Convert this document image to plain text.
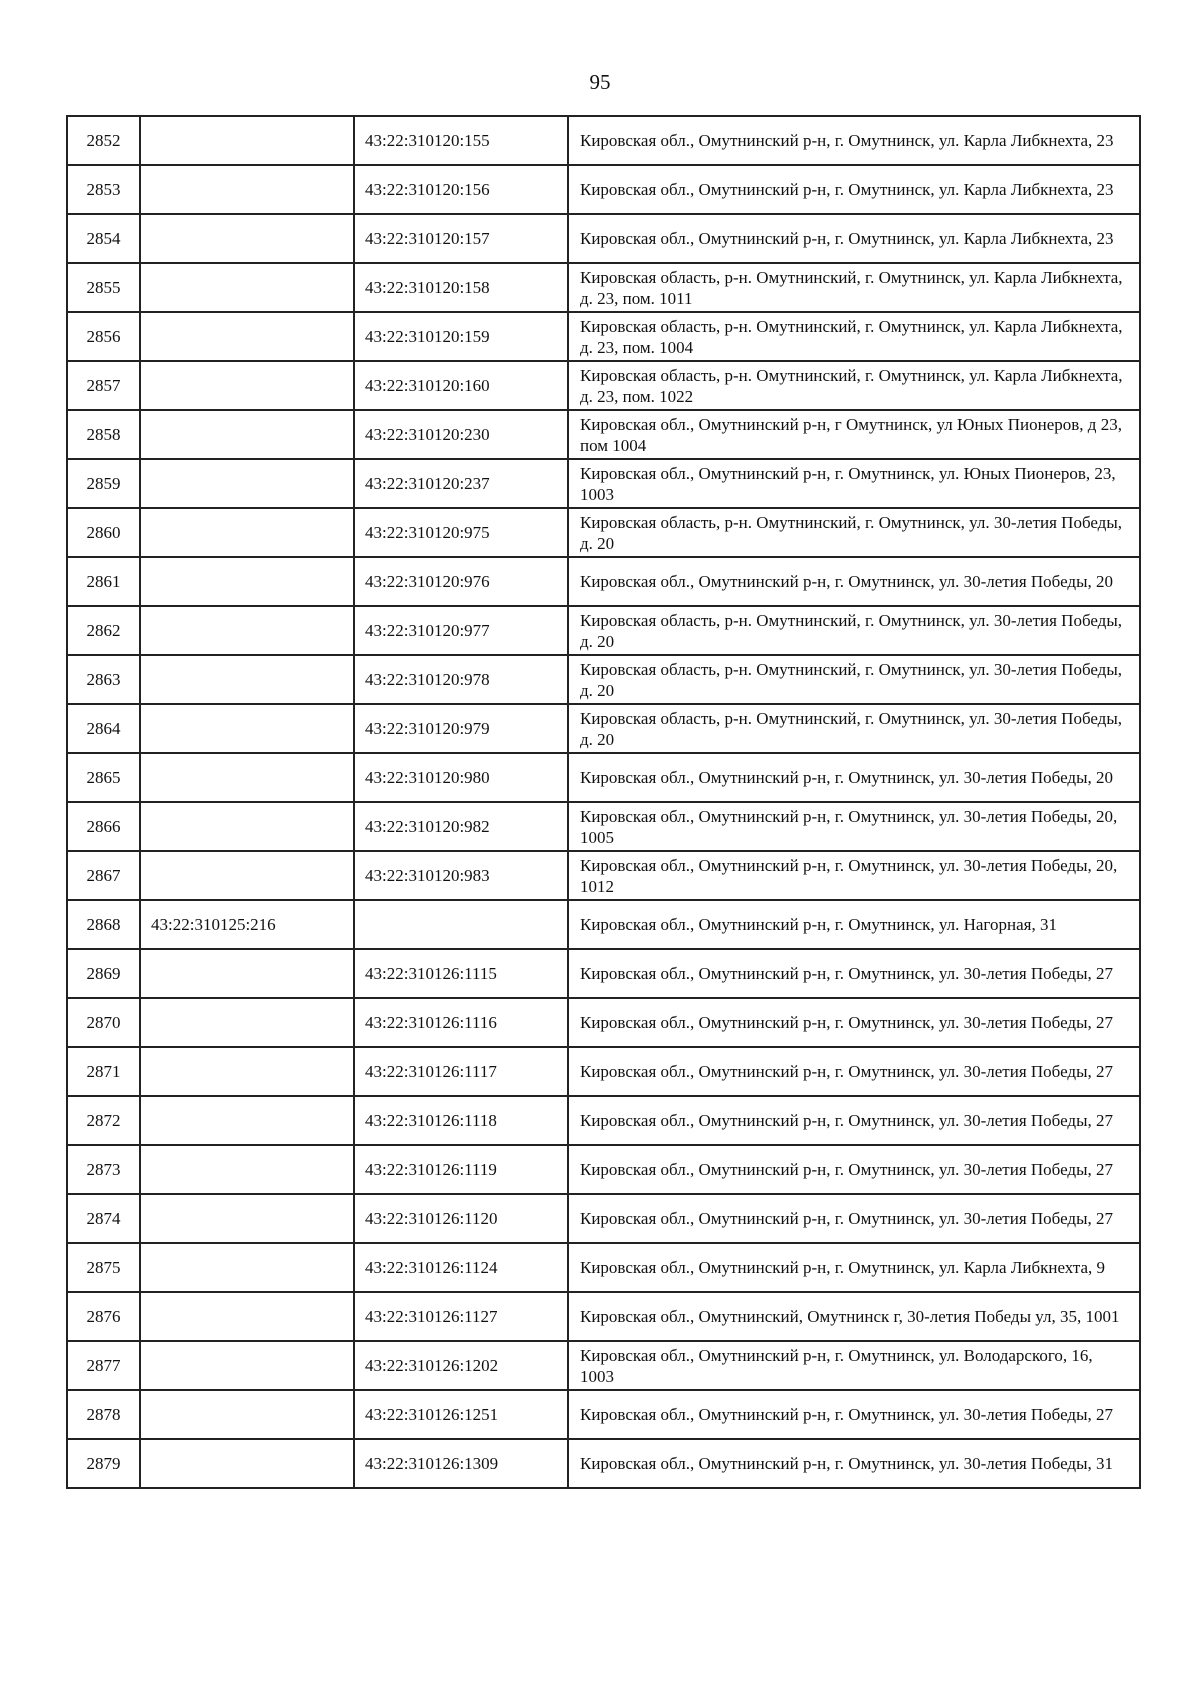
95
2852		43:22:310120:155	Кировская обл., Омутнинский р-н, г. Омутнинск, ул. Карла Либкнехта, 23
2853		43:22:310120:156	Кировская обл., Омутнинский р-н, г. Омутнинск, ул. Карла Либкнехта, 23
2854		43:22:310120:157	Кировская обл., Омутнинский р-н, г. Омутнинск, ул. Карла Либкнехта, 23
2855		43:22:310120:158	Кировская область, р-н. Омутнинский, г. Омутнинск, ул. Карла Либкнехта, д. 23, пом. 1011
2856		43:22:310120:159	Кировская область, р-н. Омутнинский, г. Омутнинск, ул. Карла Либкнехта, д. 23, пом. 1004
2857		43:22:310120:160	Кировская область, р-н. Омутнинский, г. Омутнинск, ул. Карла Либкнехта, д. 23, пом. 1022
2858		43:22:310120:230	Кировская обл., Омутнинский р-н, г Омутнинск, ул Юных Пионеров, д 23, пом 1004
2859		43:22:310120:237	Кировская обл., Омутнинский р-н, г. Омутнинск, ул. Юных Пионеров, 23, 1003
2860		43:22:310120:975	Кировская область, р-н. Омутнинский, г. Омутнинск, ул. 30-летия Победы, д. 20
2861		43:22:310120:976	Кировская обл., Омутнинский р-н, г. Омутнинск, ул. 30-летия Победы, 20
2862		43:22:310120:977	Кировская область, р-н. Омутнинский, г. Омутнинск, ул. 30-летия Победы, д. 20
2863		43:22:310120:978	Кировская область, р-н. Омутнинский, г. Омутнинск, ул. 30-летия Победы, д. 20
2864		43:22:310120:979	Кировская область, р-н. Омутнинский, г. Омутнинск, ул. 30-летия Победы, д. 20
2865		43:22:310120:980	Кировская обл., Омутнинский р-н, г. Омутнинск, ул. 30-летия Победы, 20
2866		43:22:310120:982	Кировская обл., Омутнинский р-н, г. Омутнинск, ул. 30-летия Победы, 20, 1005
2867		43:22:310120:983	Кировская обл., Омутнинский р-н, г. Омутнинск, ул. 30-летия Победы, 20, 1012
2868	43:22:310125:216		Кировская обл., Омутнинский р-н, г. Омутнинск, ул. Нагорная, 31
2869		43:22:310126:1115	Кировская обл., Омутнинский р-н, г. Омутнинск, ул. 30-летия Победы, 27
2870		43:22:310126:1116	Кировская обл., Омутнинский р-н, г. Омутнинск, ул. 30-летия Победы, 27
2871		43:22:310126:1117	Кировская обл., Омутнинский р-н, г. Омутнинск, ул. 30-летия Победы, 27
2872		43:22:310126:1118	Кировская обл., Омутнинский р-н, г. Омутнинск, ул. 30-летия Победы, 27
2873		43:22:310126:1119	Кировская обл., Омутнинский р-н, г. Омутнинск, ул. 30-летия Победы, 27
2874		43:22:310126:1120	Кировская обл., Омутнинский р-н, г. Омутнинск, ул. 30-летия Победы, 27
2875		43:22:310126:1124	Кировская обл., Омутнинский р-н, г. Омутнинск, ул. Карла Либкнехта, 9
2876		43:22:310126:1127	Кировская обл., Омутнинский, Омутнинск г, 30-летия Победы ул, 35, 1001
2877		43:22:310126:1202	Кировская обл., Омутнинский р-н, г. Омутнинск, ул. Володарского, 16, 1003
2878		43:22:310126:1251	Кировская обл., Омутнинский р-н, г. Омутнинск, ул. 30-летия Победы, 27
2879		43:22:310126:1309	Кировская обл., Омутнинский р-н, г. Омутнинск, ул. 30-летия Победы, 31
